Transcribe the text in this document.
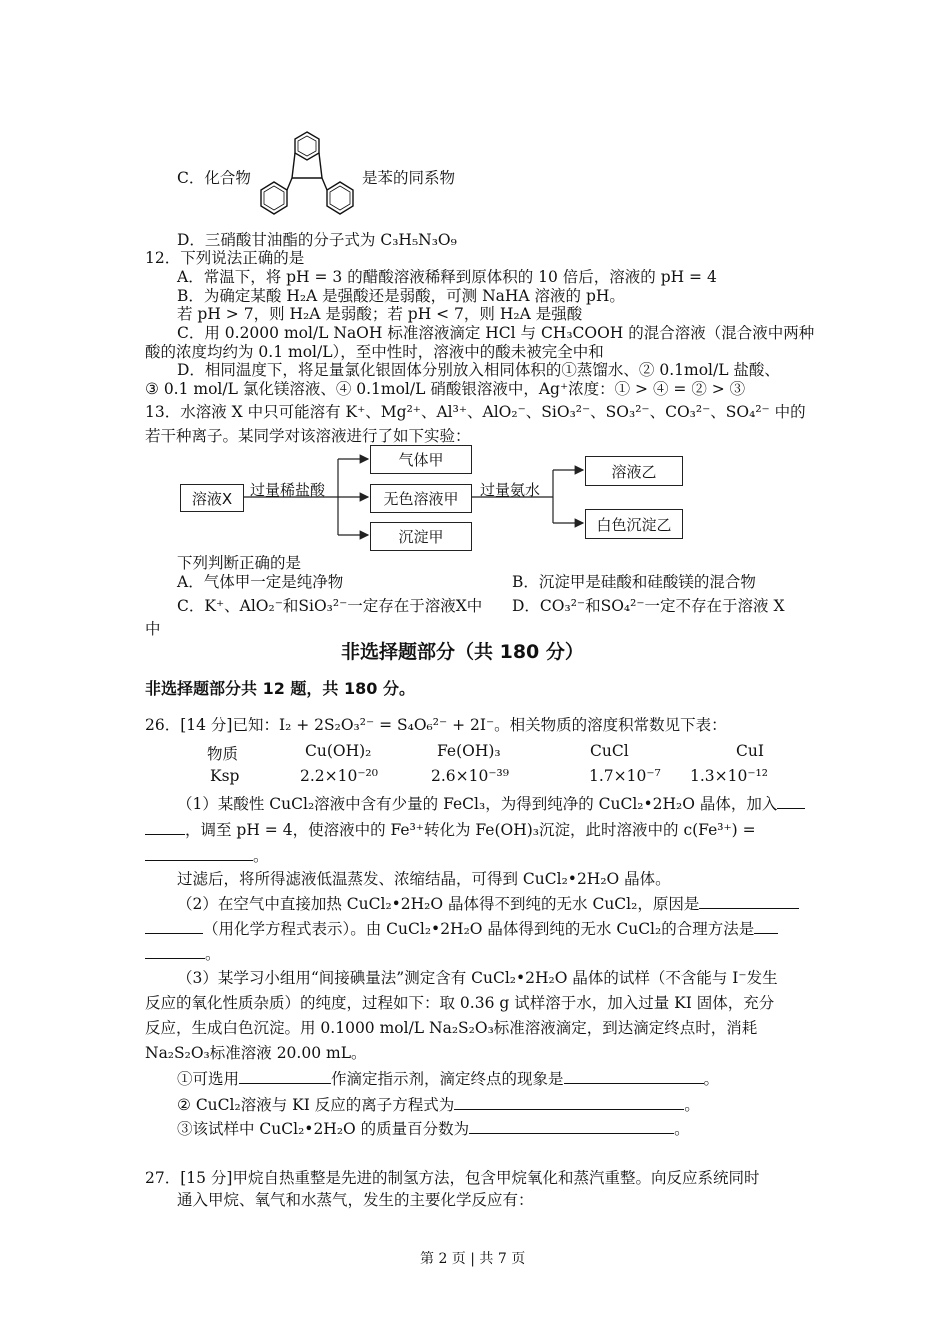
C．化合物	是苯的同系物
D．三硝酸甘油酯的分子式为 C₃H₅N₃O₉
12．下列说法正确的是
A．常温下，将 pH = 3 的醋酸溶液稀释到原体积的 10 倍后，溶液的 pH = 4
B．为确定某酸 H₂A 是强酸还是弱酸，可测 NaHA 溶液的 pH。
若 pH > 7，则 H₂A 是弱酸；若 pH < 7，则 H₂A 是强酸
C．用 0.2000 mol/L NaOH 标准溶液滴定 HCl 与 CH₃COOH 的混合溶液（混合液中两种
酸的浓度均约为 0.1 mol/L），至中性时，溶液中的酸未被完全中和
D．相同温度下，将足量氯化银固体分别放入相同体积的①蒸馏水、② 0.1mol/L 盐酸、
③ 0.1 mol/L 氯化镁溶液、④ 0.1mol/L 硝酸银溶液中，Ag⁺浓度：① > ④ = ② > ③
13．水溶液 X 中只可能溶有 K⁺、Mg²⁺、Al³⁺、AlO₂⁻、SiO₃²⁻、SO₃²⁻、CO₃²⁻、SO₄²⁻ 中的
若干种离子。某同学对该溶液进行了如下实验：
溶液X	过量稀盐酸
气体甲
无色溶液甲
沉淀甲
过量氨水
溶液乙
白色沉淀乙
下列判断正确的是
A．气体甲一定是纯净物	B．沉淀甲是硅酸和硅酸镁的混合物
C．K⁺、AlO₂⁻和SiO₃²⁻一定存在于溶液X中 D．CO₃²⁻和SO₄²⁻一定不存在于溶液 X
中
非选择题部分（共 180 分）
非选择题部分共 12 题，共 180 分。
26．[14 分]已知：I₂ + 2S₂O₃²⁻ = S₄O₆²⁻ + 2I⁻。相关物质的溶度积常数见下表：
物质	Cu(OH)₂	Fe(OH)₃	CuCl	CuI
Ksp	2.2×10⁻²⁰	2.6×10⁻³⁹	1.7×10⁻⁷ 1.3×10⁻¹²
（1）某酸性 CuCl₂溶液中含有少量的 FeCl₃，为得到纯净的 CuCl₂•2H₂O 晶体，加入
，调至 pH = 4，使溶液中的 Fe³⁺转化为 Fe(OH)₃沉淀，此时溶液中的 c(Fe³⁺) =
。
过滤后，将所得滤液低温蒸发、浓缩结晶，可得到 CuCl₂•2H₂O 晶体。
（2）在空气中直接加热 CuCl₂•2H₂O 晶体得不到纯的无水 CuCl₂，原因是
（用化学方程式表示）。由 CuCl₂•2H₂O 晶体得到纯的无水 CuCl₂的合理方法是
。
（3）某学习小组用“间接碘量法”测定含有 CuCl₂•2H₂O 晶体的试样（不含能与 I⁻发生
反应的氧化性质杂质）的纯度，过程如下：取 0.36 g 试样溶于水，加入过量 KI 固体，充分
反应，生成白色沉淀。用 0.1000 mol/L Na₂S₂O₃标准溶液滴定，到达滴定终点时，消耗
Na₂S₂O₃标准溶液 20.00 mL。
①可选用	作滴定指示剂，滴定终点的现象是	。
② CuCl₂溶液与 KI 反应的离子方程式为	。
③该试样中 CuCl₂•2H₂O 的质量百分数为	。
27．[15 分]甲烷自热重整是先进的制氢方法，包含甲烷氧化和蒸汽重整。向反应系统同时
通入甲烷、氧气和水蒸气，发生的主要化学反应有：
第 2 页 | 共 7 页
